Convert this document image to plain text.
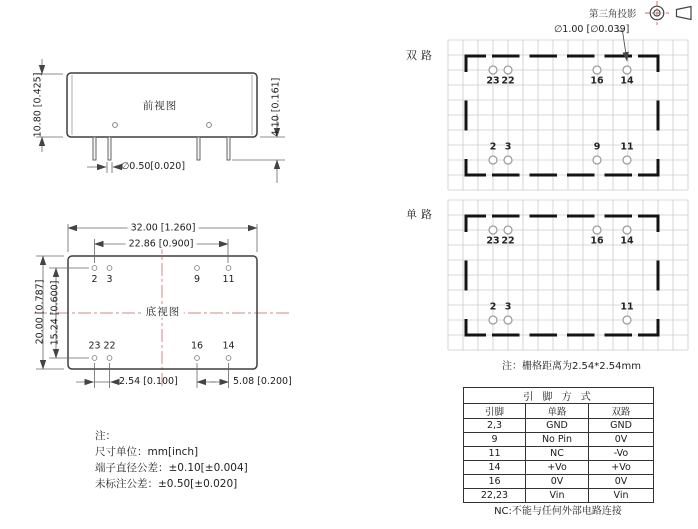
2 3	9 11
23 22	16 14
23 22	16 14
2 3	9 11
23 22	16 14
2 3	11
前视图
10.80 [0.425]	4.10 [0.161]
∅0.50[0.020]
底视图
32.00 [1.260]
22.86 [0.900]
20.00 [0.787] 15.24 [0.600]
2.54 [0.100]	5.08 [0.200]
双路
单路
∅1.00 [∅0.039]
注：栅格距离为2.54*2.54mm
第三角投影
注：
尺寸单位：mm[inch]
端子直径公差：±0.10[±0.004]
未标注公差：±0.50[±0.020]
引 脚 方 式		
引脚	单路	双路
2,3	GND	GND
9	No Pin	0V
11	NC	-Vo
14	+Vo	+Vo
16	0V	0V
22,23	Vin	Vin
NC:不能与任何外部电路连接
